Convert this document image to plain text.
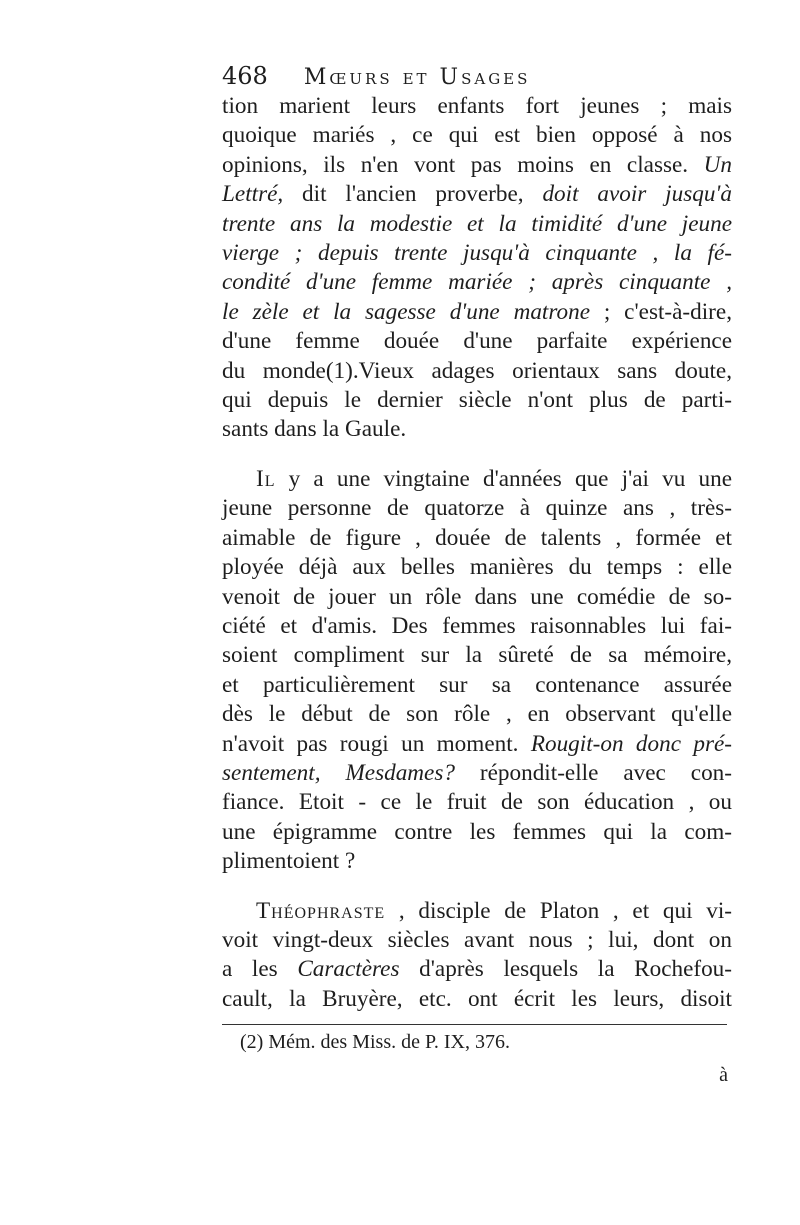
468 Mœurs et Usages
tion marient leurs enfants fort jeunes ; mais
quoique mariés , ce qui est bien opposé à nos
opinions, ils n'en vont pas moins en classe. Un
Lettré, dit l'ancien proverbe, doit avoir jusqu'à
trente ans la modestie et la timidité d'une jeune
vierge ; depuis trente jusqu'à cinquante , la fé-
condité d'une femme mariée ; après cinquante ,
le zèle et la sagesse d'une matrone ; c'est-à-dire,
d'une femme douée d'une parfaite expérience
du monde(1).Vieux adages orientaux sans doute,
qui depuis le dernier siècle n'ont plus de parti-
sants dans la Gaule.
Il y a une vingtaine d'années que j'ai vu une
jeune personne de quatorze à quinze ans , très-
aimable de figure , douée de talents , formée et
ployée déjà aux belles manières du temps : elle
venoit de jouer un rôle dans une comédie de so-
ciété et d'amis. Des femmes raisonnables lui fai-
soient compliment sur la sûreté de sa mémoire,
et particulièrement sur sa contenance assurée
dès le début de son rôle , en observant qu'elle
n'avoit pas rougi un moment. Rougit-on donc pré-
sentement, Mesdames? répondit-elle avec con-
fiance. Etoit - ce le fruit de son éducation , ou
une épigramme contre les femmes qui la com-
plimentoient ?
Théophraste , disciple de Platon , et qui vi-
voit vingt-deux siècles avant nous ; lui, dont on
a les Caractères d'après lesquels la Rochefou-
cault, la Bruyère, etc. ont écrit les leurs, disoit
(2) Mém. des Miss. de P. IX, 376.
à
